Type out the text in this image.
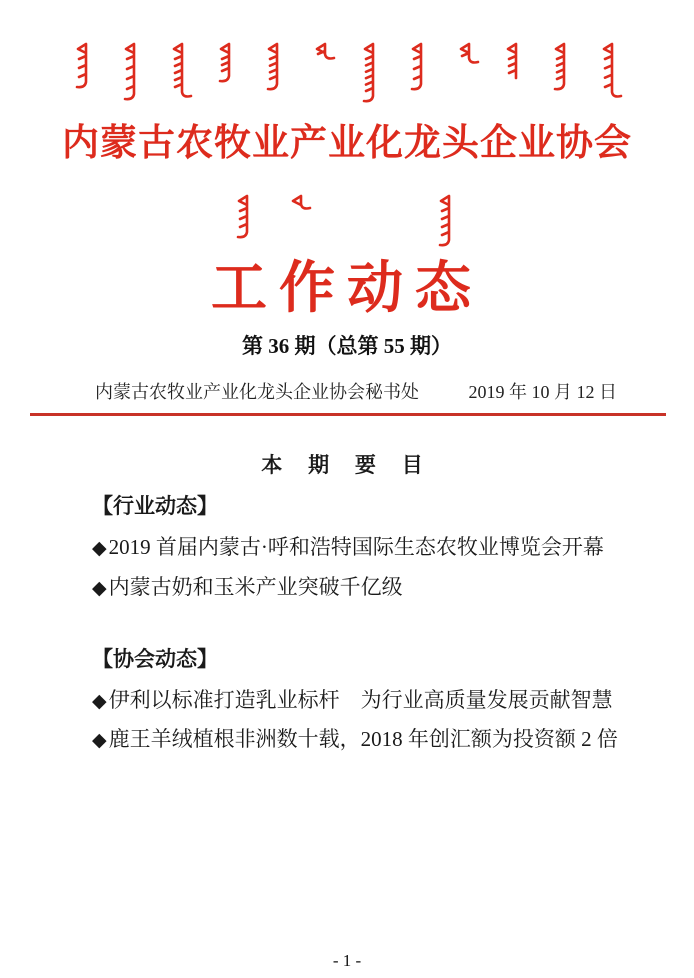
内蒙古农牧业产业化龙头企业协会
工作动态
第 36 期（总第 55 期）
内蒙古农牧业产业化龙头企业协会秘书处	2019 年 10 月 12 日
本 期 要 目
【行业动态】
◆2019 首届内蒙古·呼和浩特国际生态农牧业博览会开幕
◆内蒙古奶和玉米产业突破千亿级
【协会动态】
◆伊利以标准打造乳业标杆　为行业高质量发展贡献智慧
◆鹿王羊绒植根非洲数十载，2018 年创汇额为投资额 2 倍
- 1 -
